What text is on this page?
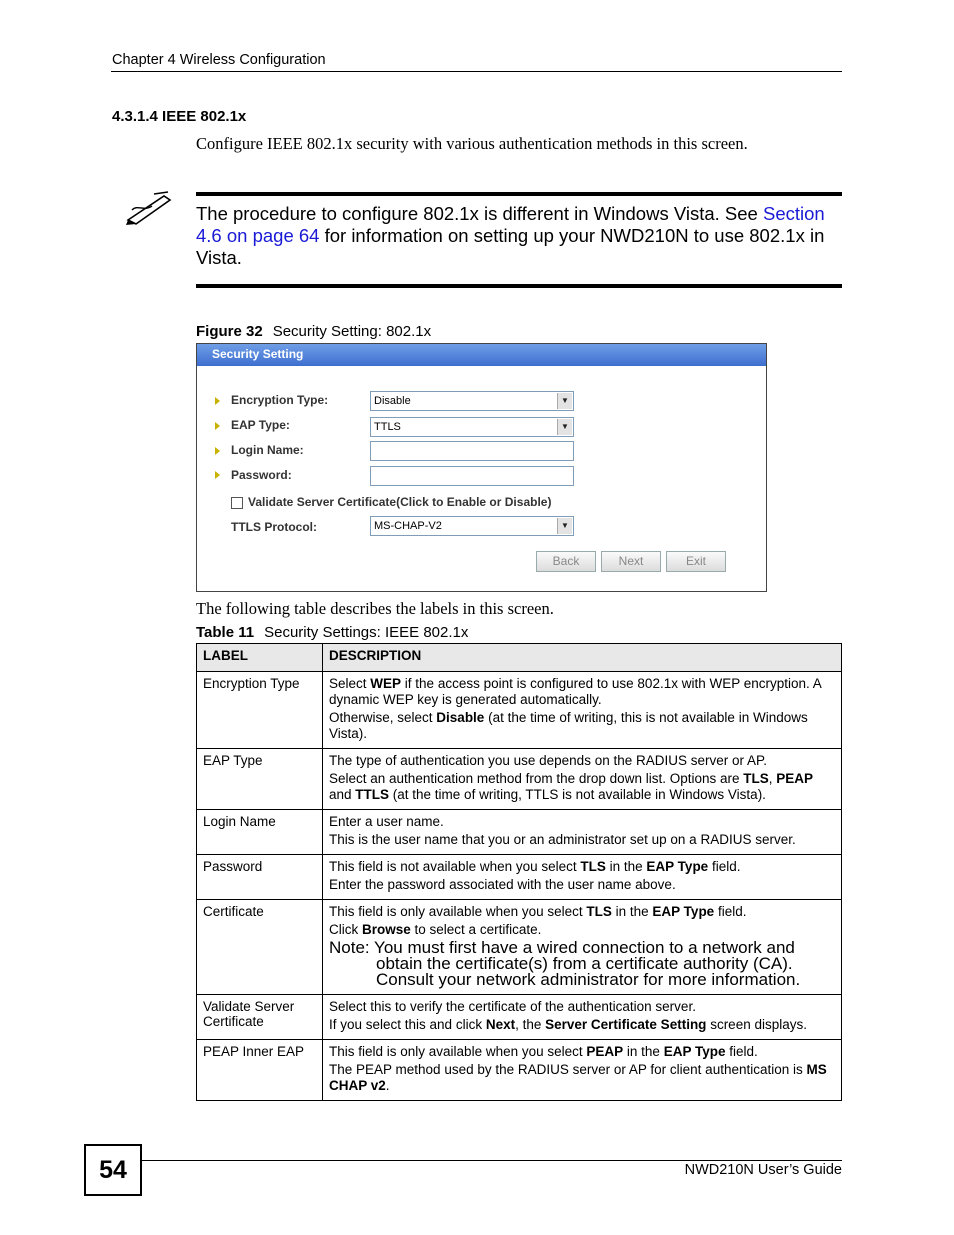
Chapter 4 Wireless Configuration
4.3.1.4 IEEE 802.1x
Configure IEEE 802.1x security with various authentication methods in this screen.
The procedure to configure 802.1x is different in Windows Vista. See Section 4.6 on page 64 for information on setting up your NWD210N to use 802.1x in Vista.
Figure 32 Security Setting: 802.1x
Security Setting
Encryption Type:	Disable	▼
EAP Type:	TTLS	▼
Login Name:
Password:
Validate Server Certificate(Click to Enable or Disable)
TTLS Protocol:	MS-CHAP-V2	▼
Back	Next	Exit
The following table describes the labels in this screen.
Table 11 Security Settings: IEEE 802.1x
LABEL	DESCRIPTION
Encryption Type	Select WEP if the access point is configured to use 802.1x with WEP encryption. A dynamic WEP key is generated automatically.

Otherwise, select Disable (at the time of writing, this is not available in Windows Vista).

EAP Type	The type of authentication you use depends on the RADIUS server or AP.

Select an authentication method from the drop down list. Options are TLS, PEAP and TTLS (at the time of writing, TTLS is not available in Windows Vista).

Login Name	Enter a user name.

This is the user name that you or an administrator set up on a RADIUS server.

Password	This field is not available when you select TLS in the EAP Type field.

Enter the password associated with the user name above.

Certificate	This field is only available when you select TLS in the EAP Type field.

Click Browse to select a certificate.

Note: You must first have a wired connection to a network and obtain the certificate(s) from a certificate authority (CA). Consult your network administrator for more information.

Validate Server Certificate	Select this to verify the certificate of the authentication server.

If you select this and click Next, the Server Certificate Setting screen displays.

PEAP Inner EAP	This field is only available when you select PEAP in the EAP Type field.

The PEAP method used by the RADIUS server or AP for client authentication is MS CHAP v2.

54	NWD210N User’s Guide
